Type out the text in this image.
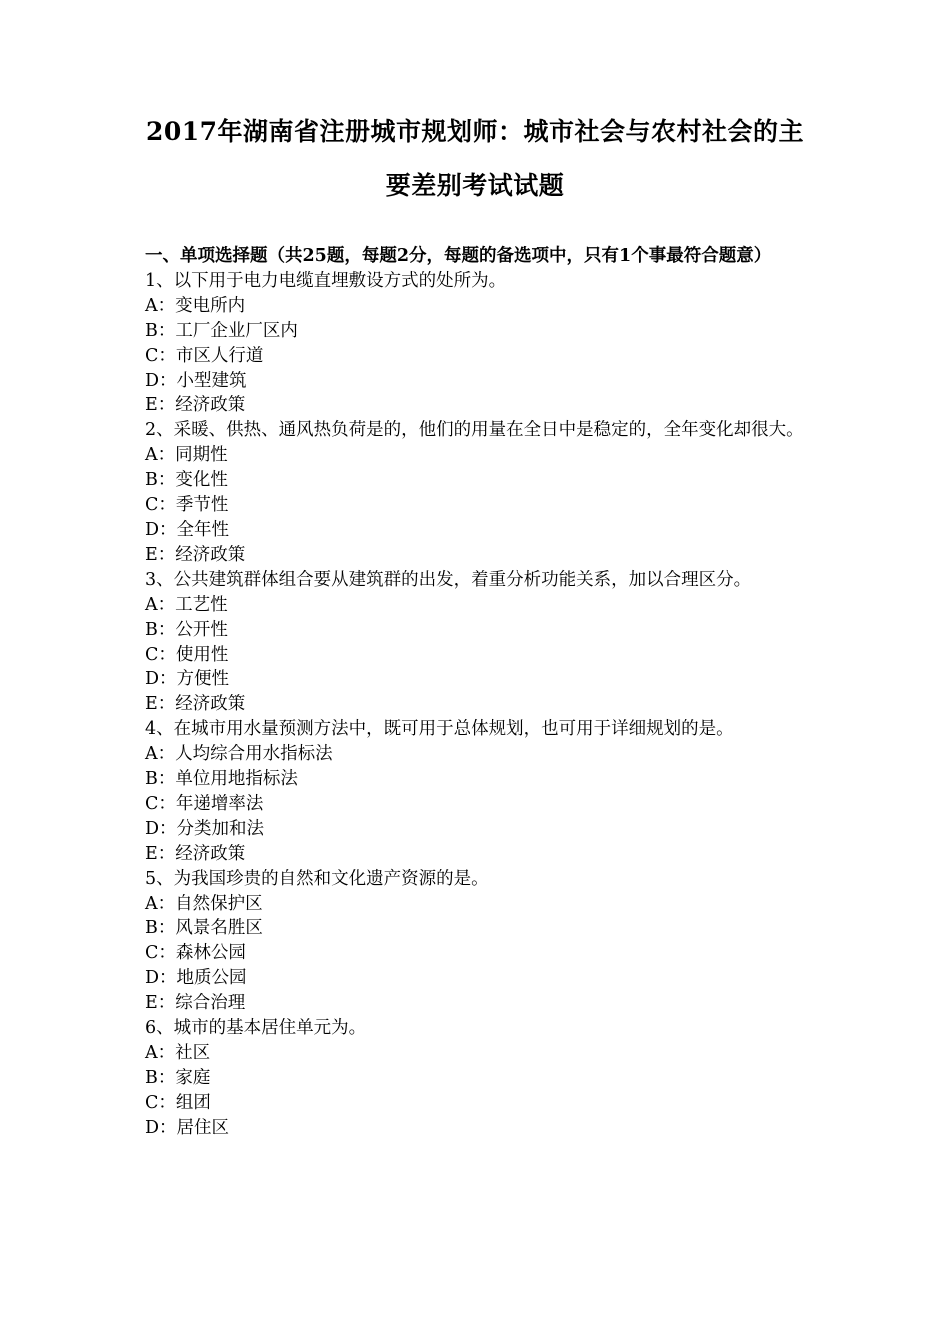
2017年湖南省注册城市规划师：城市社会与农村社会的主
要差别考试试题

一、单项选择题（共25题，每题2分，每题的备选项中，只有1个事最符合题意）

1、以下用于电力电缆直埋敷设方式的处所为。

A：变电所内

B：工厂企业厂区内

C：市区人行道

D：小型建筑

E：经济政策

2、采暖、供热、通风热负荷是的，他们的用量在全日中是稳定的，全年变化却很大。

A：同期性

B：变化性

C：季节性

D：全年性

E：经济政策

3、公共建筑群体组合要从建筑群的出发，着重分析功能关系，加以合理区分。

A：工艺性

B：公开性

C：使用性

D：方便性

E：经济政策

4、在城市用水量预测方法中，既可用于总体规划，也可用于详细规划的是。

A：人均综合用水指标法

B：单位用地指标法

C：年递增率法

D：分类加和法

E：经济政策

5、为我国珍贵的自然和文化遗产资源的是。

A：自然保护区

B：风景名胜区

C：森林公园

D：地质公园

E：综合治理

6、城市的基本居住单元为。

A：社区

B：家庭

C：组团

D：居住区
